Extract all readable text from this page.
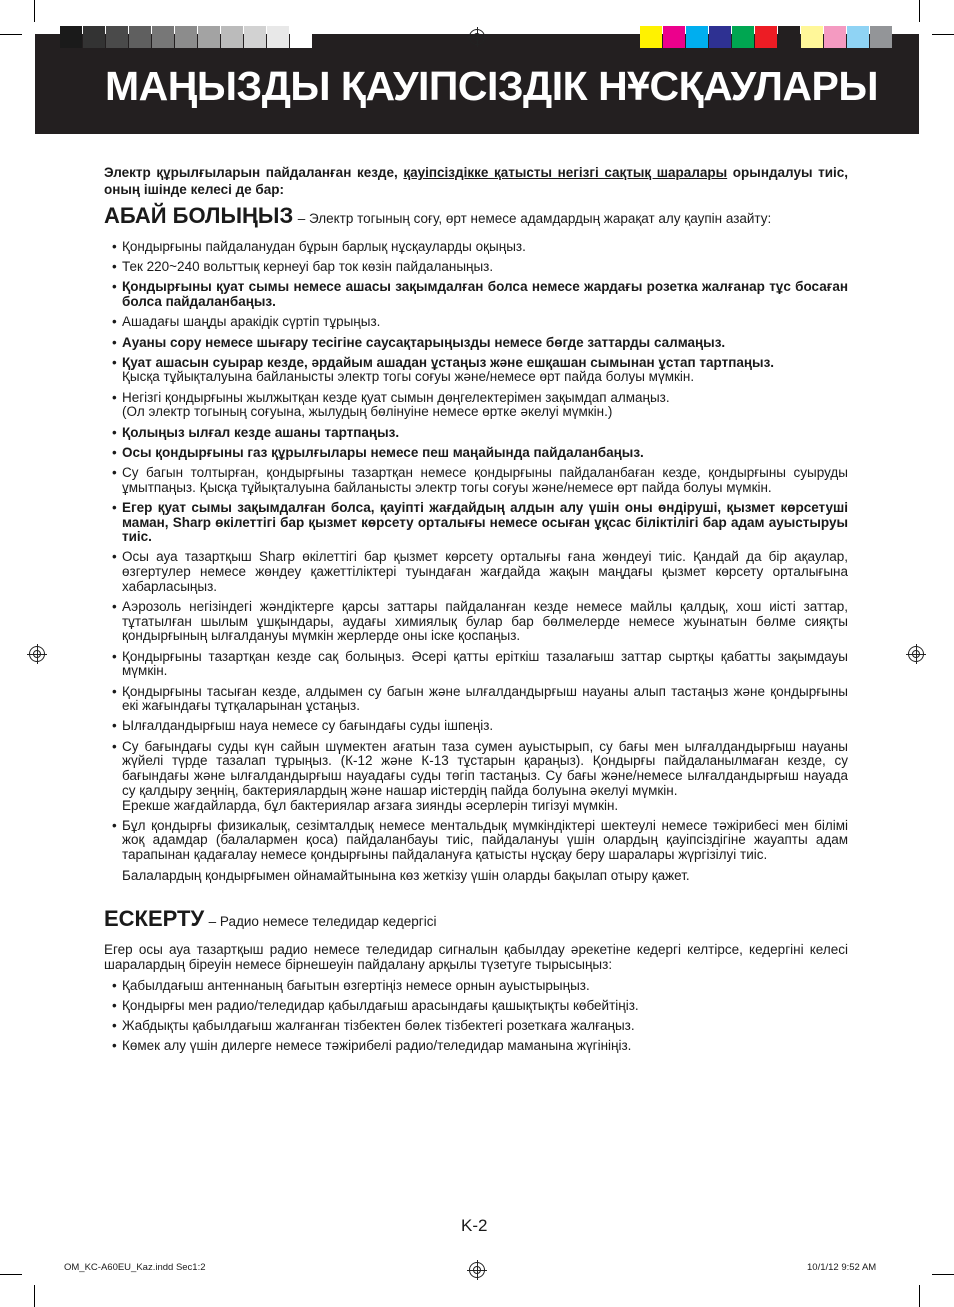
МАҢЫЗДЫ ҚАУІПСІЗДІК НҰСҚАУЛАРЫ

Электр құрылғыларын пайдаланған кезде, қауіпсіздікке қатысты негізгі сақтық шаралары орындалуы тиіс, оның ішінде келесі де бар:

АБАЙ БОЛЫҢЫЗ – Электр тогының соғу, өрт немесе адамдардың жарақат алу қаупін азайту:
• Қондырғыны пайдаланудан бұрын барлық нұсқауларды оқыңыз.
• Тек 220~240 вольттық кернеуі бар ток көзін пайдаланыңыз.
• Қондырғыны қуат сымы немесе ашасы зақымдалған болса немесе жардағы розетка жалғанар тұс босаған болса пайдаланбаңыз.
• Ашадағы шаңды аракідік сүртіп тұрыңыз.
• Ауаны сору немесе шығару тесігіне саусақтарыңызды немесе бөгде заттарды салмаңыз.
• Қуат ашасын суырар кезде, әрдайым ашадан ұстаңыз және ешқашан сымынан ұстап тартпаңыз.
Қысқа тұйықталуына байланысты электр тогы соғуы және/немесе өрт пайда болуы мүмкін.
• Негізгі қондырғыны жылжытқан кезде қуат сымын дөңгелектерімен зақымдап алмаңыз.
(Ол электр тогының соғуына, жылудың бөлінуіне немесе өртке әкелуі мүмкін.)
• Қолыңыз ылғал кезде ашаны тартпаңыз.
• Осы қондырғыны газ құрылғылары немесе пеш маңайында пайдаланбаңыз.
• Су багын толтырған, қондырғыны тазартқан немесе қондырғыны пайдаланбаған кезде, қондырғыны суыруды ұмытпаңыз. Қысқа тұйықталуына байланысты электр тогы соғуы және/немесе өрт пайда болуы мүмкін.
• Егер қуат сымы зақымдалған болса, қауіпті жағдайдың алдын алу үшін оны өндіруші, қызмет көрсетуші маман, Sharp өкілеттігі бар қызмет көрсету орталығы немесе осыған ұқсас біліктілігі бар адам ауыстыруы тиіс.
• Осы ауа тазартқыш Sharp өкілеттігі бар қызмет көрсету орталығы ғана жөндеуі тиіс. Қандай да бір ақаулар, өзгертулер немесе жөндеу қажеттіліктері туындаған жағдайда жақын маңдағы қызмет көрсету орталығына хабарласыңыз.
• Аэрозоль негізіндегі жәндіктерге қарсы заттары пайдаланған кезде немесе майлы қалдық, хош иісті заттар, тұтатылған шылым ұшқындары, аудағы химиялық булар бар бөлмелерде немесе жуынатын бөлме сияқты қондырғының ылғалдануы мүмкін жерлерде оны іске қоспаңыз.
• Қондырғыны тазартқан кезде сақ болыңыз. Әсері қатты еріткіш тазалағыш заттар сыртқы қабатты зақымдауы мүмкін.
• Қондырғыны тасыған кезде, алдымен су багын және ылғалдандырғыш науаны алып тастаңыз және қондырғыны екі жағындағы тұтқаларынан ұстаңыз.
• Ылғалдандырғыш науа немесе су бағындағы суды ішпеңіз.
• Су бағындағы суды күн сайын шүмектен ағатын таза сумен ауыстырып, су бағы мен ылғалдандырғыш науаны жүйелі түрде тазалап тұрыңыз. (К-12 және К-13 тұстарын қараңыз). Қондырғы пайдаланылмаған кезде, су бағындағы және ылғалдандырғыш науадағы суды төгіп тастаңыз. Су бағы және/немесе ылғалдандырғыш науада су қалдыру зеңнің, бактериялардың және нашар иістердің пайда болуына әкелуі мүмкін.
Ерекше жағдайларда, бұл бактериялар ағзаға зиянды әсерлерін тигізуі мүмкін.
• Бұл қондырғы физикалық, сезімталдық немесе ментальдық мүмкіндіктері шектеулі немесе тәжірибесі мен білімі жоқ адамдар (балалармен қоса) пайдаланбауы тиіс, пайдалануы үшін олардың қауіпсіздігіне жауапты адам тарапынан қадағалау немесе қондырғыны пайдалануға қатысты нұсқау беру шаралары жүргізілуі тиіс.

Балалардың қондырғымен ойнамайтынына көз жеткізу үшін оларды бақылап отыру қажет.

ЕСКЕРТУ – Радио немесе теледидар кедергісі

Егер осы ауа тазартқыш радио немесе теледидар сигналын қабылдау әрекетіне кедергі келтірсе, кедергіні келесі шаралардың біреуін немесе бірнешеуін пайдалану арқылы түзетуге тырысыңыз:

• Қабылдағыш антеннаның бағытын өзгертіңіз немесе орнын ауыстырыңыз.
• Қондырғы мен радио/теледидар қабылдағыш арасындағы қашықтықты көбейтіңіз.
• Жабдықты қабылдағыш жалғанған тізбектен бөлек тізбектегі розеткаға жалғаңыз.
• Көмек алу үшін дилерге немесе тәжірибелі радио/теледидар маманына жүгініңіз.
K-2
OM_KC-A60EU_Kaz.indd Sec1:2	10/1/12 9:52 AM
